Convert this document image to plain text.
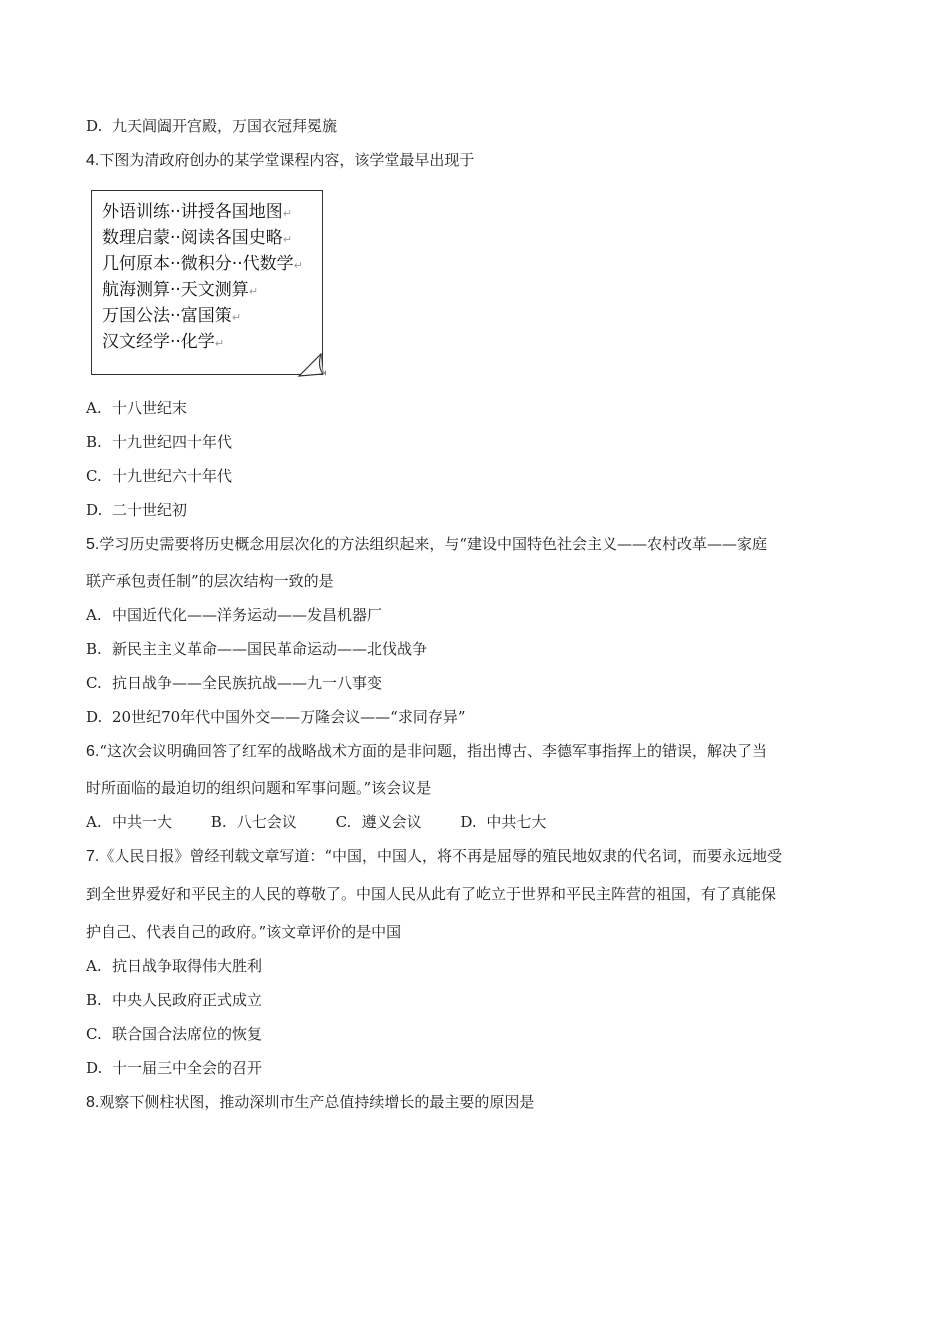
D. 九天阊阖开宫殿，万国衣冠拜冕旒
4.下图为清政府创办的某学堂课程内容，该学堂最早出现于
外语训练··讲授各国地图↵
数理启蒙··阅读各国史略↵
几何原本··微积分··代数学↵
航海测算··天文测算↵
万国公法··富国策↵
汉文经学··化学↵
A. 十八世纪末
B. 十九世纪四十年代
C. 十九世纪六十年代
D. 二十世纪初
5.学习历史需要将历史概念用层次化的方法组织起来，与“建设中国特色社会主义——农村改革——家庭
联产承包责任制”的层次结构一致的是
A. 中国近代化——洋务运动——发昌机器厂
B. 新民主主义革命——国民革命运动——北伐战争
C. 抗日战争——全民族抗战——九一八事变
D. 20世纪70年代中国外交——万隆会议——“求同存异”
6.“这次会议明确回答了红军的战略战术方面的是非问题，指出博古、李德军事指挥上的错误，解决了当
时所面临的最迫切的组织问题和军事问题。”该会议是
A. 中共一大	B. 八七会议	C. 遵义会议	D. 中共七大
7.《人民日报》曾经刊载文章写道：“中国，中国人，将不再是屈辱的殖民地奴隶的代名词，而要永远地受
到全世界爱好和平民主的人民的尊敬了。中国人民从此有了屹立于世界和平民主阵营的祖国，有了真能保
护自己、代表自己的政府。”该文章评价的是中国
A. 抗日战争取得伟大胜利
B. 中央人民政府正式成立
C. 联合国合法席位的恢复
D. 十一届三中全会的召开
8.观察下侧柱状图，推动深圳市生产总值持续增长的最主要的原因是
